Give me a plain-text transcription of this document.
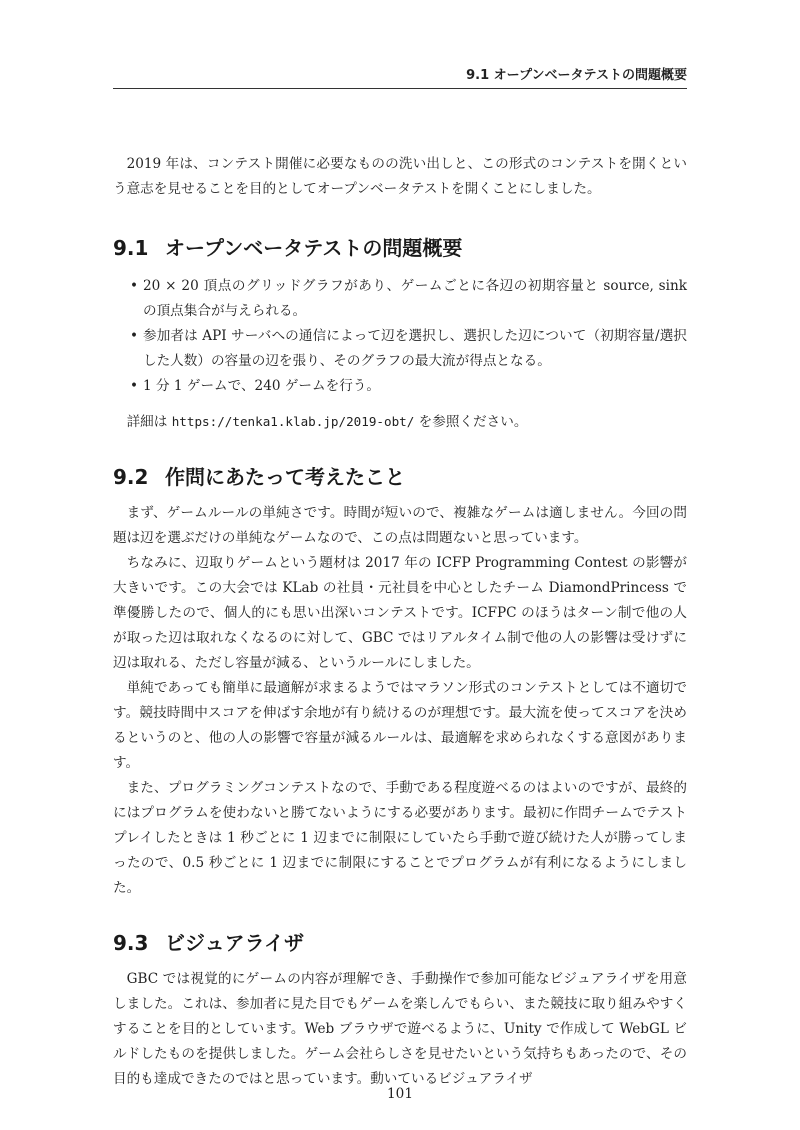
9.1 オープンベータテストの問題概要

2019 年は、コンテスト開催に必要なものの洗い出しと、この形式のコンテストを開くという意志を見せることを目的としてオープンベータテストを開くことにしました。

9.1 オープンベータテストの問題概要
• 20 × 20 頂点のグリッドグラフがあり、ゲームごとに各辺の初期容量と source, sink の頂点集合が与えられる。
• 参加者は API サーバへの通信によって辺を選択し、選択した辺について（初期容量/選択した人数）の容量の辺を張り、そのグラフの最大流が得点となる。
• 1 分 1 ゲームで、240 ゲームを行う。

詳細は https://tenka1.klab.jp/2019-obt/ を参照ください。

9.2 作問にあたって考えたこと

まず、ゲームルールの単純さです。時間が短いので、複雑なゲームは適しません。今回の問題は辺を選ぶだけの単純なゲームなので、この点は問題ないと思っています。

ちなみに、辺取りゲームという題材は 2017 年の ICFP Programming Contest の影響が大きいです。この大会では KLab の社員・元社員を中心としたチーム DiamondPrincess で準優勝したので、個人的にも思い出深いコンテストです。ICFPC のほうはターン制で他の人が取った辺は取れなくなるのに対して、GBC ではリアルタイム制で他の人の影響は受けずに辺は取れる、ただし容量が減る、というルールにしました。

単純であっても簡単に最適解が求まるようではマラソン形式のコンテストとしては不適切です。競技時間中スコアを伸ばす余地が有り続けるのが理想です。最大流を使ってスコアを決めるというのと、他の人の影響で容量が減るルールは、最適解を求められなくする意図があります。

また、プログラミングコンテストなので、手動である程度遊べるのはよいのですが、最終的にはプログラムを使わないと勝てないようにする必要があります。最初に作問チームでテストプレイしたときは 1 秒ごとに 1 辺までに制限にしていたら手動で遊び続けた人が勝ってしまったので、0.5 秒ごとに 1 辺までに制限にすることでプログラムが有利になるようにしました。

9.3 ビジュアライザ

GBC では視覚的にゲームの内容が理解でき、手動操作で参加可能なビジュアライザを用意しました。これは、参加者に見た目でもゲームを楽しんでもらい、また競技に取り組みやすくすることを目的としています。Web ブラウザで遊べるように、Unity で作成して WebGL ビルドしたものを提供しました。ゲーム会社らしさを見せたいという気持ちもあったので、その目的も達成できたのではと思っています。動いているビジュアライザ

101
